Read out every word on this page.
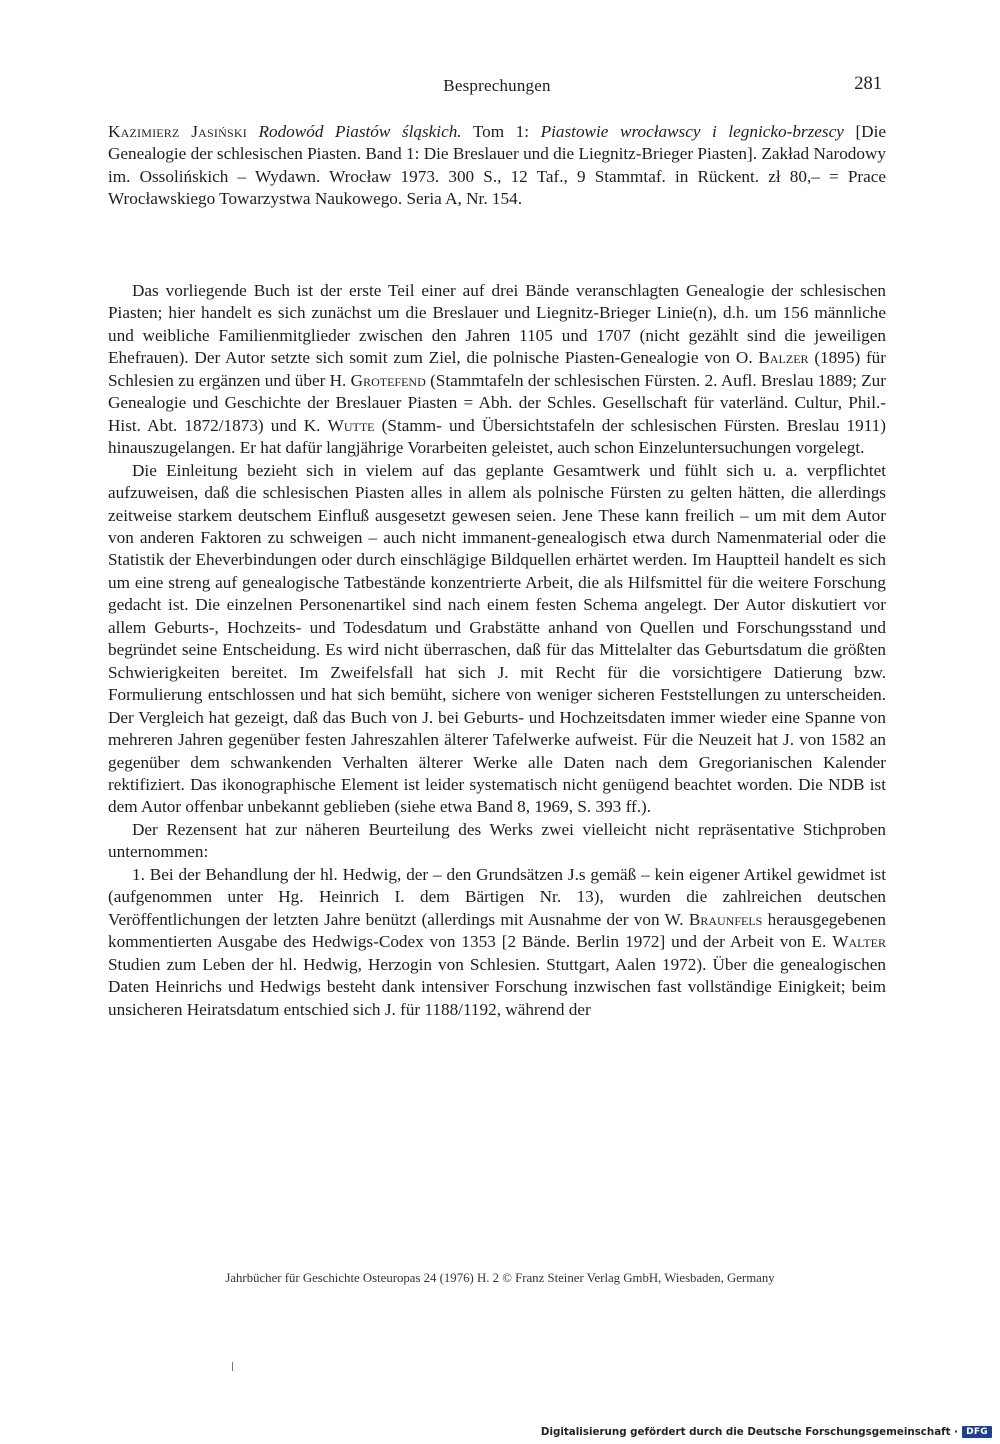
Besprechungen	281
Kazimierz Jasiński Rodowód Piastów śląskich. Tom 1: Piastowie wrocławscy i legnicko-brzescy [Die Genealogie der schlesischen Piasten. Band 1: Die Breslauer und die Liegnitz-Brieger Piasten]. Zakład Narodowy im. Ossolińskich – Wydawn. Wrocław 1973. 300 S., 12 Taf., 9 Stammtaf. in Rückent. zł 80,– = Prace Wrocławskiego Towarzystwa Naukowego. Seria A, Nr. 154.

Das vorliegende Buch ist der erste Teil einer auf drei Bände veranschlagten Genealogie der schlesischen Piasten; hier handelt es sich zunächst um die Breslauer und Liegnitz-Brieger Linie(n), d.h. um 156 männliche und weibliche Familienmitglieder zwischen den Jahren 1105 und 1707 (nicht gezählt sind die jeweiligen Ehefrauen). Der Autor setzte sich somit zum Ziel, die polnische Piasten-Genealogie von O. Balzer (1895) für Schlesien zu ergänzen und über H. Grotefend (Stammtafeln der schlesischen Fürsten. 2. Aufl. Breslau 1889; Zur Genealogie und Geschichte der Breslauer Piasten = Abh. der Schles. Gesellschaft für vaterländ. Cultur, Phil.-Hist. Abt. 1872/1873) und K. Wutte (Stamm- und Übersichtstafeln der schlesischen Fürsten. Breslau 1911) hinauszugelangen. Er hat dafür langjährige Vorarbeiten geleistet, auch schon Einzeluntersuchungen vorgelegt.

Die Einleitung bezieht sich in vielem auf das geplante Gesamtwerk und fühlt sich u. a. verpflichtet aufzuweisen, daß die schlesischen Piasten alles in allem als polnische Fürsten zu gelten hätten, die allerdings zeitweise starkem deutschem Einfluß ausgesetzt gewesen seien. Jene These kann freilich – um mit dem Autor von anderen Faktoren zu schweigen – auch nicht immanent-genealogisch etwa durch Namenmaterial oder die Statistik der Eheverbindungen oder durch einschlägige Bildquellen erhärtet werden. Im Hauptteil handelt es sich um eine streng auf genealogische Tatbestände konzentrierte Arbeit, die als Hilfsmittel für die weitere Forschung gedacht ist. Die einzelnen Personenartikel sind nach einem festen Schema angelegt. Der Autor diskutiert vor allem Geburts-, Hochzeits- und Todesdatum und Grabstätte anhand von Quellen und Forschungsstand und begründet seine Entscheidung. Es wird nicht überraschen, daß für das Mittelalter das Geburtsdatum die größten Schwierigkeiten bereitet. Im Zweifelsfall hat sich J. mit Recht für die vorsichtigere Datierung bzw. Formulierung entschlossen und hat sich bemüht, sichere von weniger sicheren Feststellungen zu unterscheiden. Der Vergleich hat gezeigt, daß das Buch von J. bei Geburts- und Hochzeitsdaten immer wieder eine Spanne von mehreren Jahren gegenüber festen Jahreszahlen älterer Tafelwerke aufweist. Für die Neuzeit hat J. von 1582 an gegenüber dem schwankenden Verhalten älterer Werke alle Daten nach dem Gregorianischen Kalender rektifiziert. Das ikonographische Element ist leider systematisch nicht genügend beachtet worden. Die NDB ist dem Autor offenbar unbekannt geblieben (siehe etwa Band 8, 1969, S. 393 ff.).

Der Rezensent hat zur näheren Beurteilung des Werks zwei vielleicht nicht repräsentative Stichproben unternommen:

1. Bei der Behandlung der hl. Hedwig, der – den Grundsätzen J.s gemäß – kein eigener Artikel gewidmet ist (aufgenommen unter Hg. Heinrich I. dem Bärtigen Nr. 13), wurden die zahlreichen deutschen Veröffentlichungen der letzten Jahre benützt (allerdings mit Ausnahme der von W. Braunfels herausgegebenen kommentierten Ausgabe des Hedwigs-Codex von 1353 [2 Bände. Berlin 1972] und der Arbeit von E. Walter Studien zum Leben der hl. Hedwig, Herzogin von Schlesien. Stuttgart, Aalen 1972). Über die genealogischen Daten Heinrichs und Hedwigs besteht dank intensiver Forschung inzwischen fast vollständige Einigkeit; beim unsicheren Heiratsdatum entschied sich J. für 1188/1192, während der

Jahrbücher für Geschichte Osteuropas 24 (1976) H. 2 © Franz Steiner Verlag GmbH, Wiesbaden, Germany
Digitalisierung gefördert durch die Deutsche Forschungsgemeinschaft · DFG
